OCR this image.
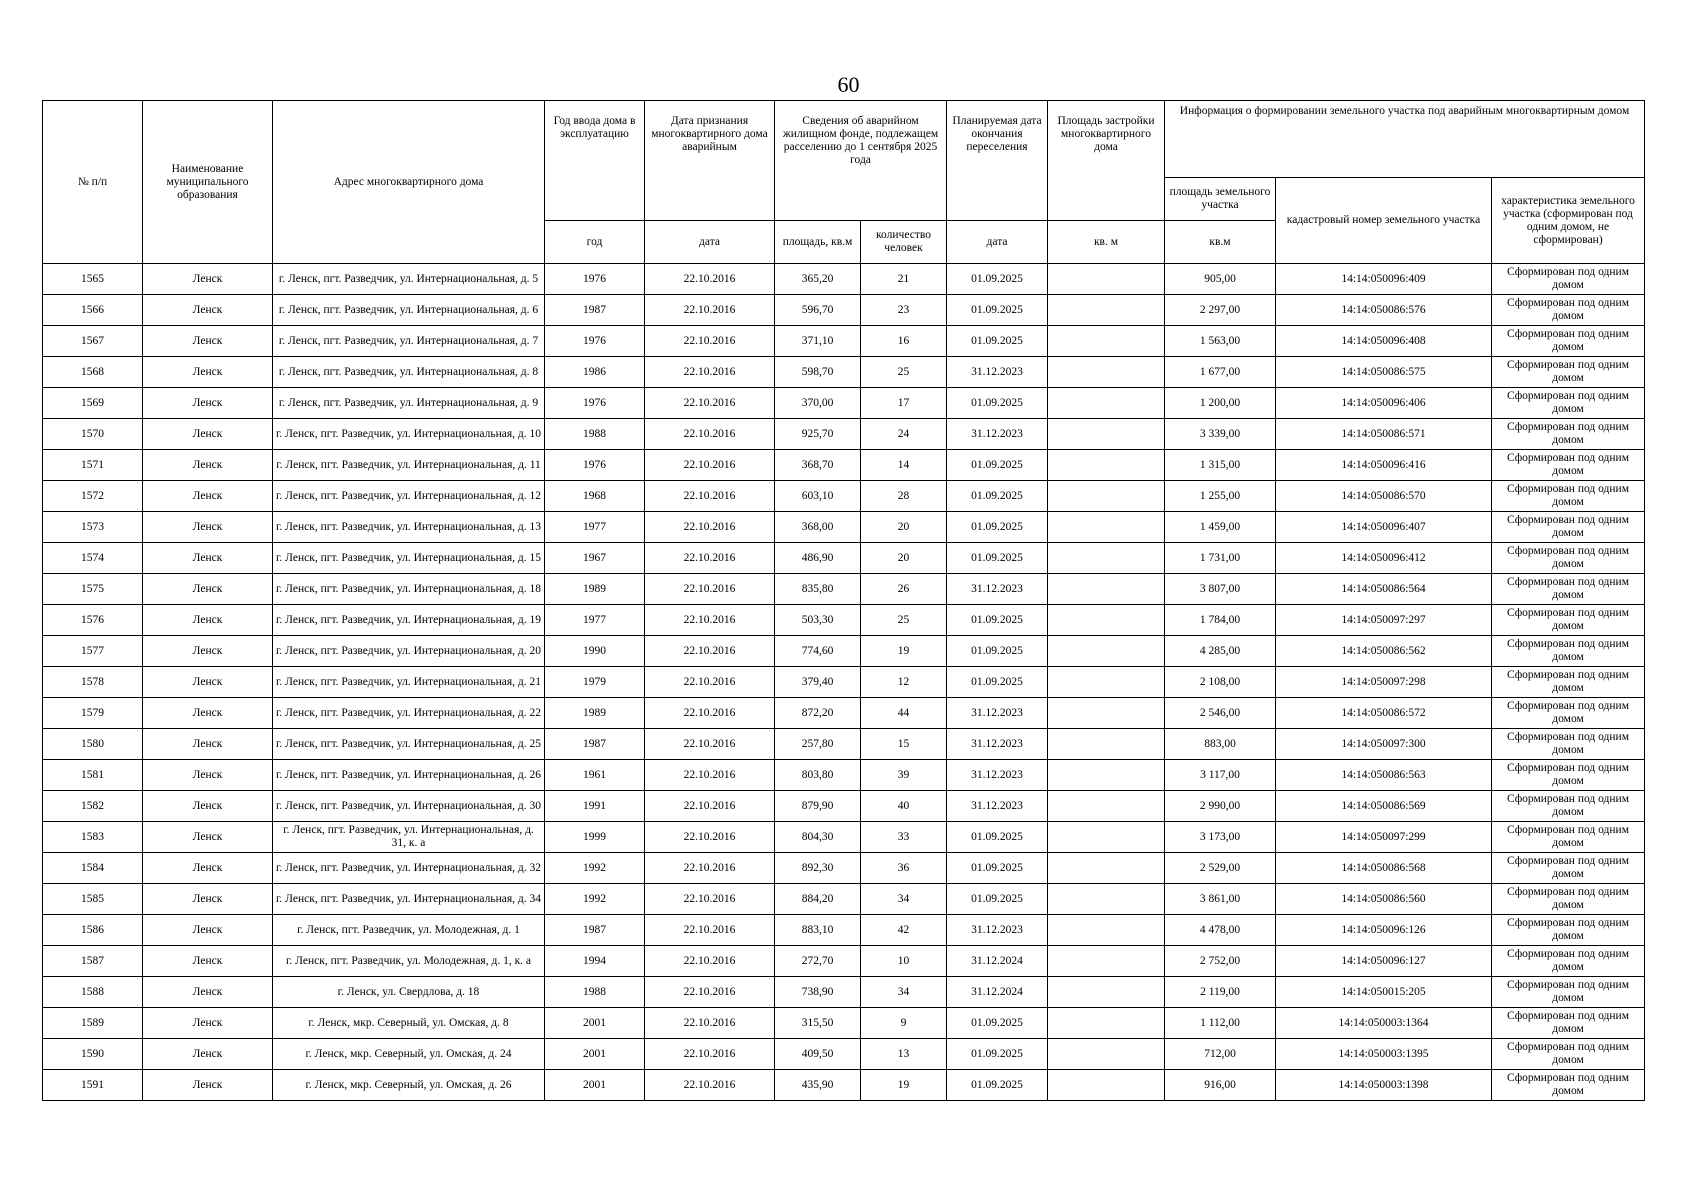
60
№ п/п	Наименование муниципального образования	Адрес многоквартирного дома	Год ввода дома в эксплуатацию	Дата признания многоквартирного дома аварийным	Сведения об аварийном жилищном фонде, подлежащем расселению до 1 сентября 2025 года		Планируемая дата окончания переселения	Площадь застройки многоквартирного дома	Информация о формировании земельного участка под аварийным многоквартирным домом		
									площадь земельного участка	кадастровый номер земельного участка	характеристика земельного участка (сформирован под одним домом, не сформирован)
			год	дата	площадь, кв.м	количество человек	дата	кв. м	кв.м		
1565	Ленск	г. Ленск, пгт. Разведчик, ул. Интернациональная, д. 5	1976	22.10.2016	365,20	21	01.09.2025		905,00	14:14:050096:409	Сформирован под одним домом
1566	Ленск	г. Ленск, пгт. Разведчик, ул. Интернациональная, д. 6	1987	22.10.2016	596,70	23	01.09.2025		2 297,00	14:14:050086:576	Сформирован под одним домом
1567	Ленск	г. Ленск, пгт. Разведчик, ул. Интернациональная, д. 7	1976	22.10.2016	371,10	16	01.09.2025		1 563,00	14:14:050096:408	Сформирован под одним домом
1568	Ленск	г. Ленск, пгт. Разведчик, ул. Интернациональная, д. 8	1986	22.10.2016	598,70	25	31.12.2023		1 677,00	14:14:050086:575	Сформирован под одним домом
1569	Ленск	г. Ленск, пгт. Разведчик, ул. Интернациональная, д. 9	1976	22.10.2016	370,00	17	01.09.2025		1 200,00	14:14:050096:406	Сформирован под одним домом
1570	Ленск	г. Ленск, пгт. Разведчик, ул. Интернациональная, д. 10	1988	22.10.2016	925,70	24	31.12.2023		3 339,00	14:14:050086:571	Сформирован под одним домом
1571	Ленск	г. Ленск, пгт. Разведчик, ул. Интернациональная, д. 11	1976	22.10.2016	368,70	14	01.09.2025		1 315,00	14:14:050096:416	Сформирован под одним домом
1572	Ленск	г. Ленск, пгт. Разведчик, ул. Интернациональная, д. 12	1968	22.10.2016	603,10	28	01.09.2025		1 255,00	14:14:050086:570	Сформирован под одним домом
1573	Ленск	г. Ленск, пгт. Разведчик, ул. Интернациональная, д. 13	1977	22.10.2016	368,00	20	01.09.2025		1 459,00	14:14:050096:407	Сформирован под одним домом
1574	Ленск	г. Ленск, пгт. Разведчик, ул. Интернациональная, д. 15	1967	22.10.2016	486,90	20	01.09.2025		1 731,00	14:14:050096:412	Сформирован под одним домом
1575	Ленск	г. Ленск, пгт. Разведчик, ул. Интернациональная, д. 18	1989	22.10.2016	835,80	26	31.12.2023		3 807,00	14:14:050086:564	Сформирован под одним домом
1576	Ленск	г. Ленск, пгт. Разведчик, ул. Интернациональная, д. 19	1977	22.10.2016	503,30	25	01.09.2025		1 784,00	14:14:050097:297	Сформирован под одним домом
1577	Ленск	г. Ленск, пгт. Разведчик, ул. Интернациональная, д. 20	1990	22.10.2016	774,60	19	01.09.2025		4 285,00	14:14:050086:562	Сформирован под одним домом
1578	Ленск	г. Ленск, пгт. Разведчик, ул. Интернациональная, д. 21	1979	22.10.2016	379,40	12	01.09.2025		2 108,00	14:14:050097:298	Сформирован под одним домом
1579	Ленск	г. Ленск, пгт. Разведчик, ул. Интернациональная, д. 22	1989	22.10.2016	872,20	44	31.12.2023		2 546,00	14:14:050086:572	Сформирован под одним домом
1580	Ленск	г. Ленск, пгт. Разведчик, ул. Интернациональная, д. 25	1987	22.10.2016	257,80	15	31.12.2023		883,00	14:14:050097:300	Сформирован под одним домом
1581	Ленск	г. Ленск, пгт. Разведчик, ул. Интернациональная, д. 26	1961	22.10.2016	803,80	39	31.12.2023		3 117,00	14:14:050086:563	Сформирован под одним домом
1582	Ленск	г. Ленск, пгт. Разведчик, ул. Интернациональная, д. 30	1991	22.10.2016	879,90	40	31.12.2023		2 990,00	14:14:050086:569	Сформирован под одним домом
1583	Ленск	г. Ленск, пгт. Разведчик, ул. Интернациональная, д. 31, к. а	1999	22.10.2016	804,30	33	01.09.2025		3 173,00	14:14:050097:299	Сформирован под одним домом
1584	Ленск	г. Ленск, пгт. Разведчик, ул. Интернациональная, д. 32	1992	22.10.2016	892,30	36	01.09.2025		2 529,00	14:14:050086:568	Сформирован под одним домом
1585	Ленск	г. Ленск, пгт. Разведчик, ул. Интернациональная, д. 34	1992	22.10.2016	884,20	34	01.09.2025		3 861,00	14:14:050086:560	Сформирован под одним домом
1586	Ленск	г. Ленск, пгт. Разведчик, ул. Молодежная, д. 1	1987	22.10.2016	883,10	42	31.12.2023		4 478,00	14:14:050096:126	Сформирован под одним домом
1587	Ленск	г. Ленск, пгт. Разведчик, ул. Молодежная, д. 1, к. а	1994	22.10.2016	272,70	10	31.12.2024		2 752,00	14:14:050096:127	Сформирован под одним домом
1588	Ленск	г. Ленск, ул. Свердлова, д. 18	1988	22.10.2016	738,90	34	31.12.2024		2 119,00	14:14:050015:205	Сформирован под одним домом
1589	Ленск	г. Ленск, мкр. Северный, ул. Омская, д. 8	2001	22.10.2016	315,50	9	01.09.2025		1 112,00	14:14:050003:1364	Сформирован под одним домом
1590	Ленск	г. Ленск, мкр. Северный, ул. Омская, д. 24	2001	22.10.2016	409,50	13	01.09.2025		712,00	14:14:050003:1395	Сформирован под одним домом
1591	Ленск	г. Ленск, мкр. Северный, ул. Омская, д. 26	2001	22.10.2016	435,90	19	01.09.2025		916,00	14:14:050003:1398	Сформирован под одним домом
